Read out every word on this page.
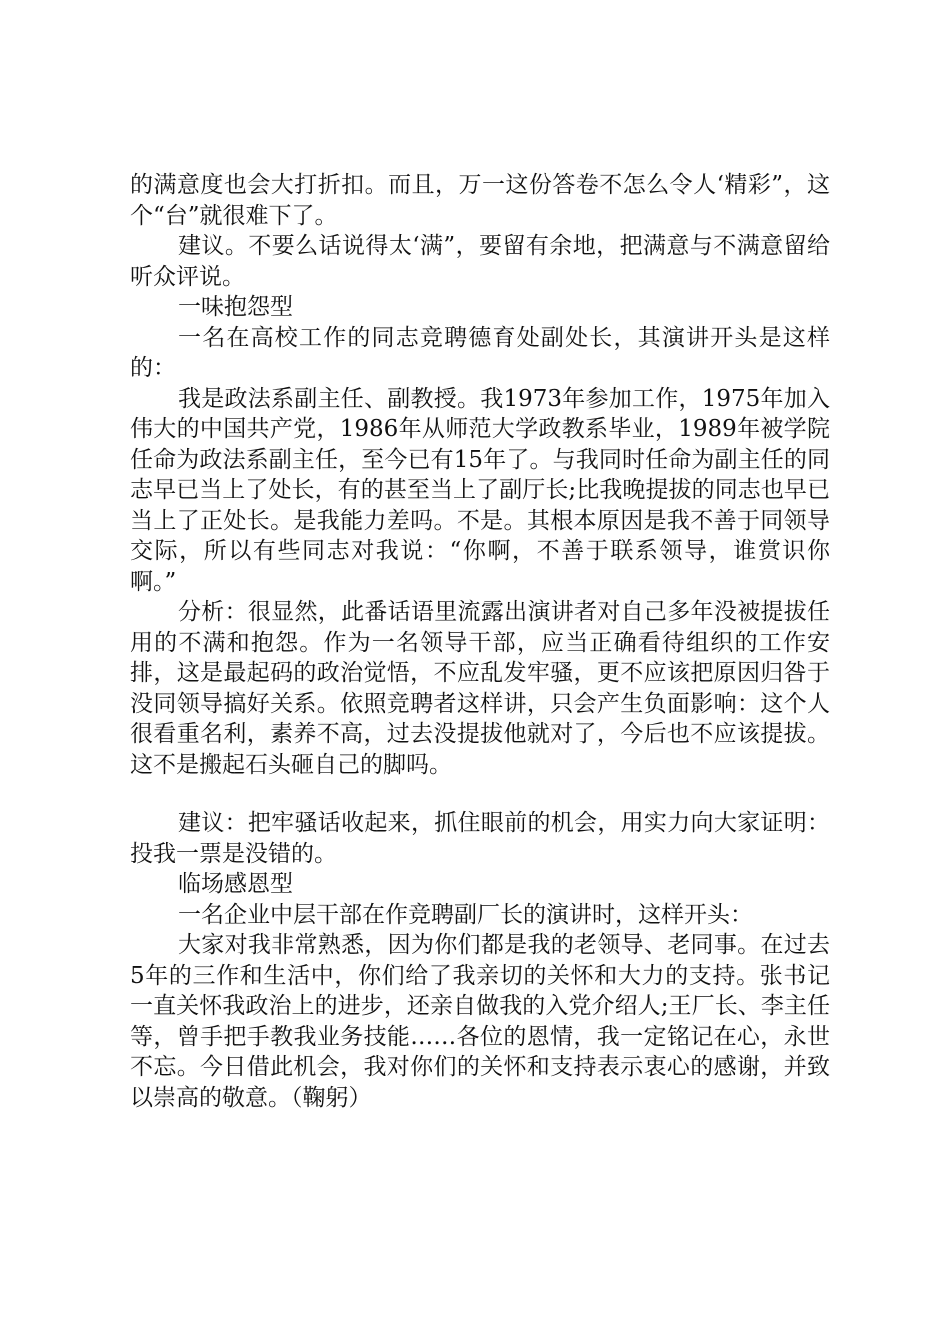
的满意度也会大打折扣。而且，万一这份答卷不怎么令人‘精彩”，这个“台”就很难下了。

建议。不要么话说得太‘满”，要留有余地，把满意与不满意留给听众评说。

一味抱怨型

一名在高校工作的同志竞聘德育处副处长，其演讲开头是这样的：

我是政法系副主任、副教授。我1973年参加工作，1975年加入伟大的中国共产党，1986年从师范大学政教系毕业，1989年被学院任命为政法系副主任，至今已有15年了。与我同时任命为副主任的同志早已当上了处长，有的甚至当上了副厅长;比我晚提拔的同志也早已当上了正处长。是我能力差吗。不是。其根本原因是我不善于同领导交际，所以有些同志对我说：“你啊，不善于联系领导，谁赏识你啊。”

分析：很显然，此番话语里流露出演讲者对自己多年没被提拔任用的不满和抱怨。作为一名领导干部，应当正确看待组织的工作安排，这是最起码的政治觉悟，不应乱发牢骚，更不应该把原因归咎于没同领导搞好关系。依照竞聘者这样讲，只会产生负面影响：这个人很看重名利，素养不高，过去没提拔他就对了，今后也不应该提拔。这不是搬起石头砸自己的脚吗。

建议：把牢骚话收起来，抓住眼前的机会，用实力向大家证明：投我一票是没错的。

临场感恩型

一名企业中层干部在作竞聘副厂长的演讲时，这样开头：

大家对我非常熟悉，因为你们都是我的老领导、老同事。在过去5年的三作和生活中，你们给了我亲切的关怀和大力的支持。张书记一直关怀我政治上的进步，还亲自做我的入党介绍人;王厂长、李主任等，曾手把手教我业务技能……各位的恩情，我一定铭记在心，永世不忘。今日借此机会，我对你们的关怀和支持表示衷心的感谢，并致以崇高的敬意。（鞠躬）
